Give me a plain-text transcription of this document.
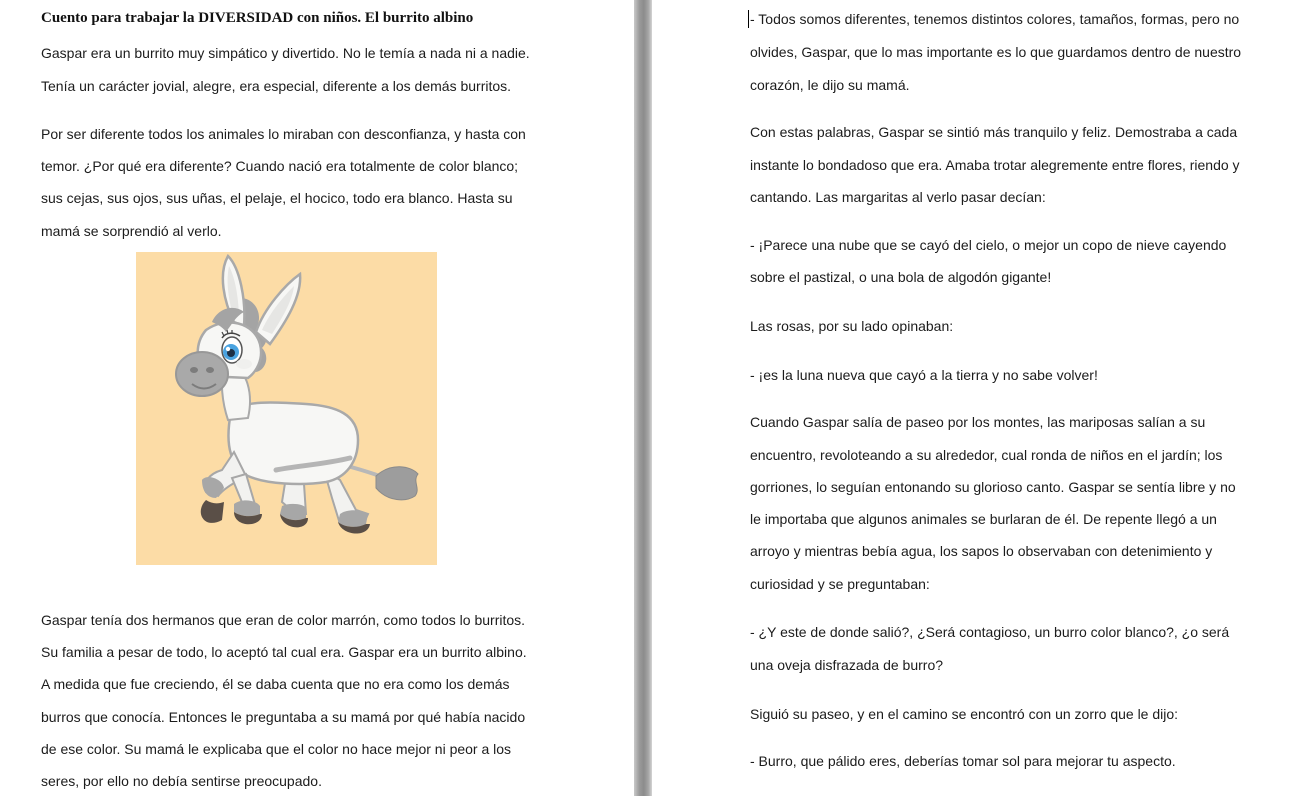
Cuento para trabajar la DIVERSIDAD con niños. El burrito albino
Gaspar era un burrito muy simpático y divertido. No le temía a nada ni a nadie.
Tenía un carácter jovial, alegre, era especial, diferente a los demás burritos.
Por ser diferente todos los animales lo miraban con desconfianza, y hasta con
temor. ¿Por qué era diferente? Cuando nació era totalmente de color blanco;
sus cejas, sus ojos, sus uñas, el pelaje, el hocico, todo era blanco. Hasta su
mamá se sorprendió al verlo.
Gaspar tenía dos hermanos que eran de color marrón, como todos lo burritos.
Su familia a pesar de todo, lo aceptó tal cual era. Gaspar era un burrito albino.
A medida que fue creciendo, él se daba cuenta que no era como los demás
burros que conocía. Entonces le preguntaba a su mamá por qué había nacido
de ese color. Su mamá le explicaba que el color no hace mejor ni peor a los
seres, por ello no debía sentirse preocupado.
- Todos somos diferentes, tenemos distintos colores, tamaños, formas, pero no
olvides, Gaspar, que lo mas importante es lo que guardamos dentro de nuestro
corazón, le dijo su mamá.
Con estas palabras, Gaspar se sintió más tranquilo y feliz. Demostraba a cada
instante lo bondadoso que era. Amaba trotar alegremente entre flores, riendo y
cantando. Las margaritas al verlo pasar decían:
- ¡Parece una nube que se cayó del cielo, o mejor un copo de nieve cayendo
sobre el pastizal, o una bola de algodón gigante!
Las rosas, por su lado opinaban:
- ¡es la luna nueva que cayó a la tierra y no sabe volver!
Cuando Gaspar salía de paseo por los montes, las mariposas salían a su
encuentro, revoloteando a su alrededor, cual ronda de niños en el jardín; los
gorriones, lo seguían entonando su glorioso canto. Gaspar se sentía libre y no
le importaba que algunos animales se burlaran de él. De repente llegó a un
arroyo y mientras bebía agua, los sapos lo observaban con detenimiento y
curiosidad y se preguntaban:
- ¿Y este de donde salió?, ¿Será contagioso, un burro color blanco?, ¿o será
una oveja disfrazada de burro?
Siguió su paseo, y en el camino se encontró con un zorro que le dijo:
- Burro, que pálido eres, deberías tomar sol para mejorar tu aspecto.
